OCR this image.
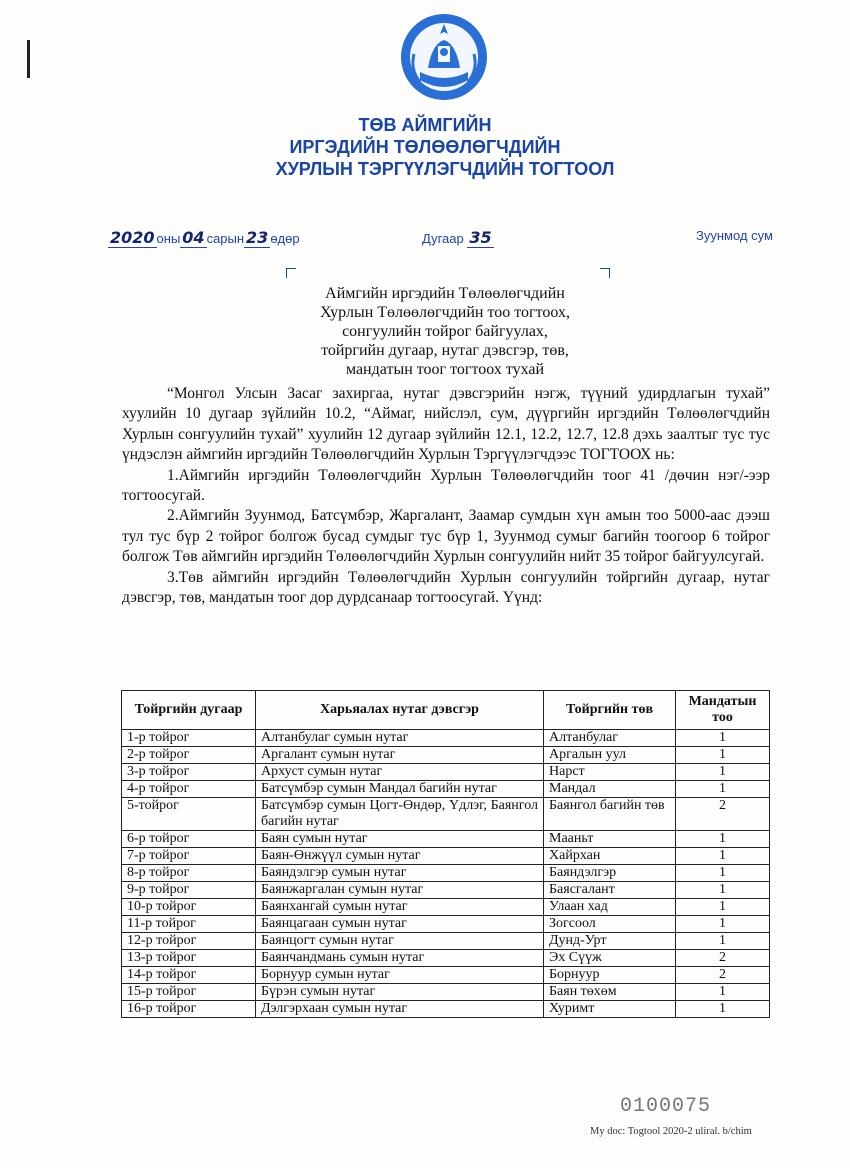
ТӨВ АЙМГИЙН
ИРГЭДИЙН ТӨЛӨӨЛӨГЧДИЙН
ХУРЛЫН ТЭРГҮҮЛЭГЧДИЙН ТОГТООЛ
2020 оны 04 сарын 23 өдөр	Дугаар 35	Зуунмод сум
Аймгийн иргэдийн Төлөөлөгчдийн
Хурлын Төлөөлөгчдийн тоо тогтоох,
сонгуулийн тойрог байгуулах,
тойргийн дугаар, нутаг дэвсгэр, төв,
мандатын тоог тогтоох тухай

“Монгол Улсын Засаг захиргаа, нутаг дэвсгэрийн нэгж, түүний удирдлагын тухай” хуулийн 10 дугаар зүйлийн 10.2, “Аймаг, нийслэл, сум, дүүргийн иргэдийн Төлөөлөгчдийн Хурлын сонгуулийн тухай” хуулийн 12 дугаар зүйлийн 12.1, 12.2, 12.7, 12.8 дэхь заалтыг тус тус үндэслэн аймгийн иргэдийн Төлөөлөгчдийн Хурлын Тэргүүлэгчдээс ТОГТООХ нь:

1.Аймгийн иргэдийн Төлөөлөгчдийн Хурлын Төлөөлөгчдийн тоог 41 /дөчин нэг/-ээр тогтоосугай.

2.Аймгийн Зуунмод, Батсүмбэр, Жаргалант, Заамар сумдын хүн амын тоо 5000-аас дээш тул тус бүр 2 тойрог болгож бусад сумдыг тус бүр 1, Зуунмод сумыг багийн тоогоор 6 тойрог болгож Төв аймгийн иргэдийн Төлөөлөгчдийн Хурлын сонгуулийн нийт 35 тойрог байгуулсугай.

3.Төв аймгийн иргэдийн Төлөөлөгчдийн Хурлын сонгуулийн тойргийн дугаар, нутаг дэвсгэр, төв, мандатын тоог дор дурдсанаар тогтоосугай. Үүнд:

Тойргийн дугаар	Харьяалах нутаг дэвсгэр	Тойргийн төв	Мандатын тоо
1-р тойрог	Алтанбулаг сумын нутаг	Алтанбулаг	1
2-р тойрог	Аргалант сумын нутаг	Аргалын уул	1
3-р тойрог	Архуст сумын нутаг	Нарст	1
4-р тойрог	Батсүмбэр сумын Мандал багийн нутаг	Мандал	1
5-тойрог	Батсүмбэр сумын Цогт-Өндөр, Үдлэг, Баянгол багийн нутаг	Баянгол багийн төв	2
6-р тойрог	Баян сумын нутаг	Мааньт	1
7-р тойрог	Баян-Өнжүүл сумын нутаг	Хайрхан	1
8-р тойрог	Баяндэлгэр сумын нутаг	Баяндэлгэр	1
9-р тойрог	Баянжаргалан сумын нутаг	Баясгалант	1
10-р тойрог	Баянхангай сумын нутаг	Улаан хад	1
11-р тойрог	Баянцагаан сумын нутаг	Зогсоол	1
12-р тойрог	Баянцогт сумын нутаг	Дунд-Урт	1
13-р тойрог	Баянчандмань сумын нутаг	Эх Сүүж	2
14-р тойрог	Борнуур сумын нутаг	Борнуур	2
15-р тойрог	Бүрэн сумын нутаг	Баян төхөм	1
16-р тойрог	Дэлгэрхаан сумын нутаг	Хуримт	1
0100075
My doc: Togtool 2020-2 uliral. b/chim
